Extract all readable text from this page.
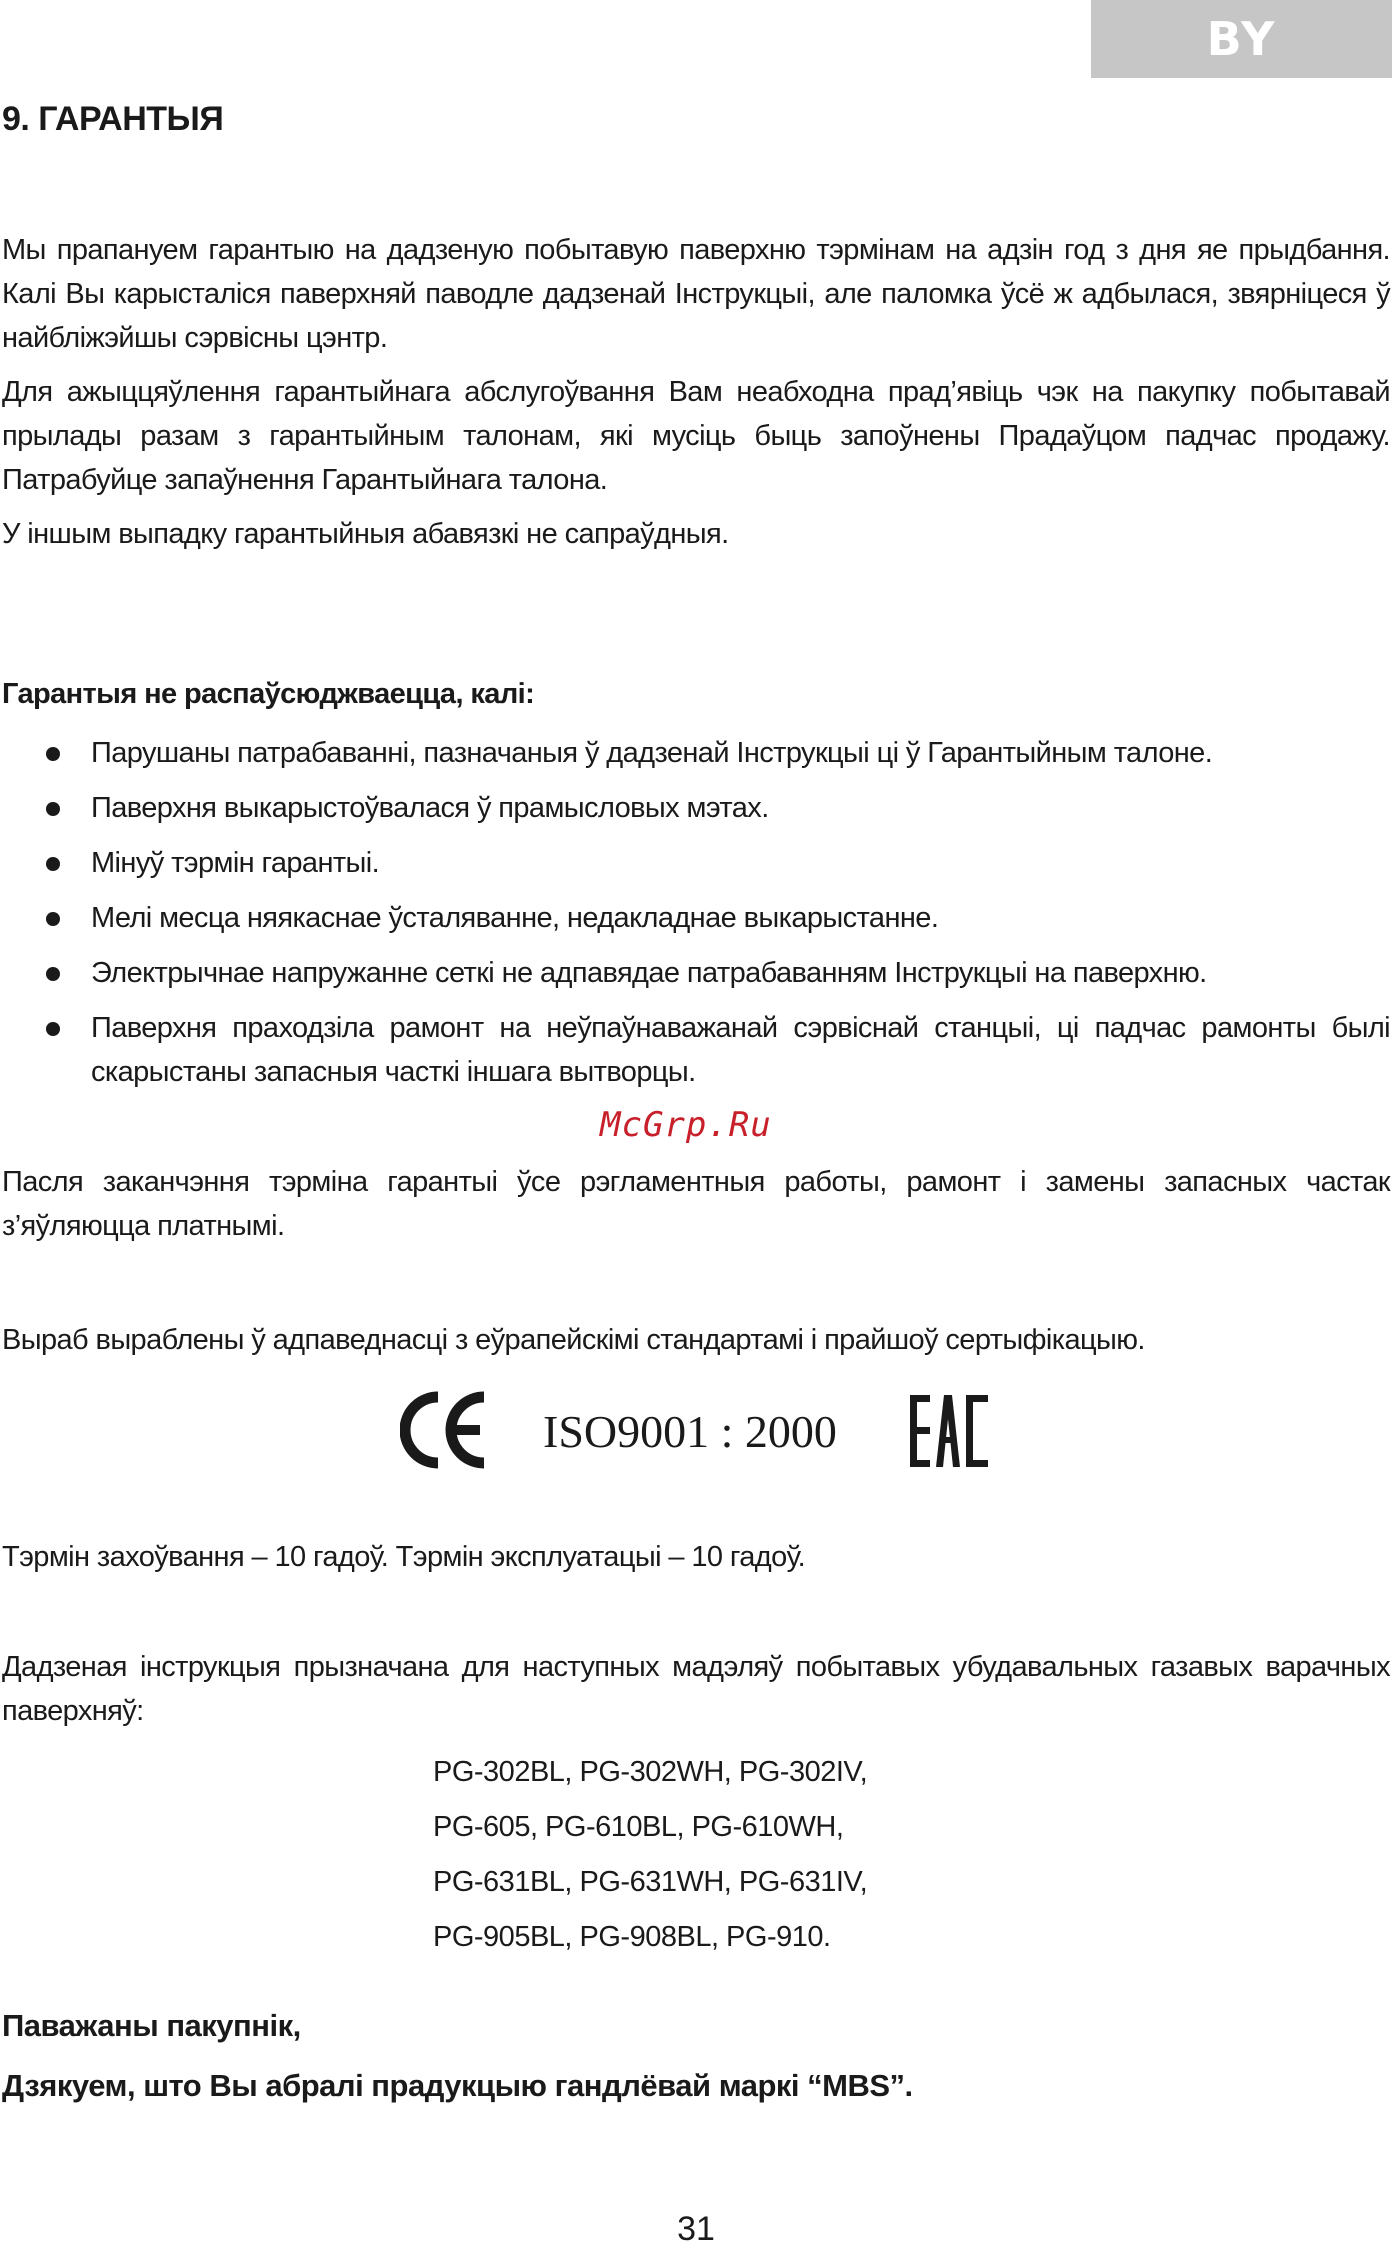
BY
9. ГАРАНТЫЯ

Мы прапануем гарантыю на дадзеную побытавую паверхню тэрмінам на адзін год з дня яе прыдбання. Калі Вы карысталіся паверхняй паводле дадзенай Інструкцыі, але паломка ўсё ж адбылася, звярніцеся ў найбліжэйшы сэрвісны цэнтр.

Для ажыццяўлення гарантыйнага абслугоўвання Вам неабходна прад’явіць чэк на пакупку побытавай прылады разам з гарантыйным талонам, які мусіць быць запоўнены Прадаўцом падчас продажу. Патрабуйце запаўнення Гарантыйнага талона.

У іншым выпадку гарантыйныя абавязкі не сапраўдныя.

Гарантыя не распаўсюджваецца, калі:
Парушаны патрабаванні, пазначаныя ў дадзенай Інструкцыі ці ў Гарантыйным талоне.
Паверхня выкарыстоўвалася ў прамысловых мэтах.
Мінуў тэрмін гарантыі.
Мелі месца няякаснае ўсталяванне, недакладнае выкарыстанне.
Электрычнае напружанне сеткі не адпавядае патрабаванням Інструкцыі на паверхню.
Паверхня праходзіла рамонт на неўпаўнаважанай сэрвіснай станцыі, ці падчас рамонты былі скарыстаны запасныя часткі іншага вытворцы.
McGrp.Ru

Пасля заканчэння тэрміна гарантыі ўсе рэгламентныя работы, рамонт і замены запасных частак з’яўляюцца платнымі.

Выраб выраблены ў адпаведнасці з еўрапейскімі стандартамі і прайшоў сертыфікацыю.

ISO9001 : 2000

Тэрмін захоўвання – 10 гадоў. Тэрмін эксплуатацыі – 10 гадоў.

Дадзеная інструкцыя прызначана для наступных мадэляў побытавых убудавальных газавых варачных паверхняў:

PG-302BL, PG-302WH, PG-302IV,
PG-605, PG-610BL, PG-610WH,
PG-631BL, PG-631WH, PG-631IV,
PG-905BL, PG-908BL, PG-910.

Паважаны пакупнік,

Дзякуем, што Вы абралі прадукцыю гандлёвай маркі “MBS”.

31
